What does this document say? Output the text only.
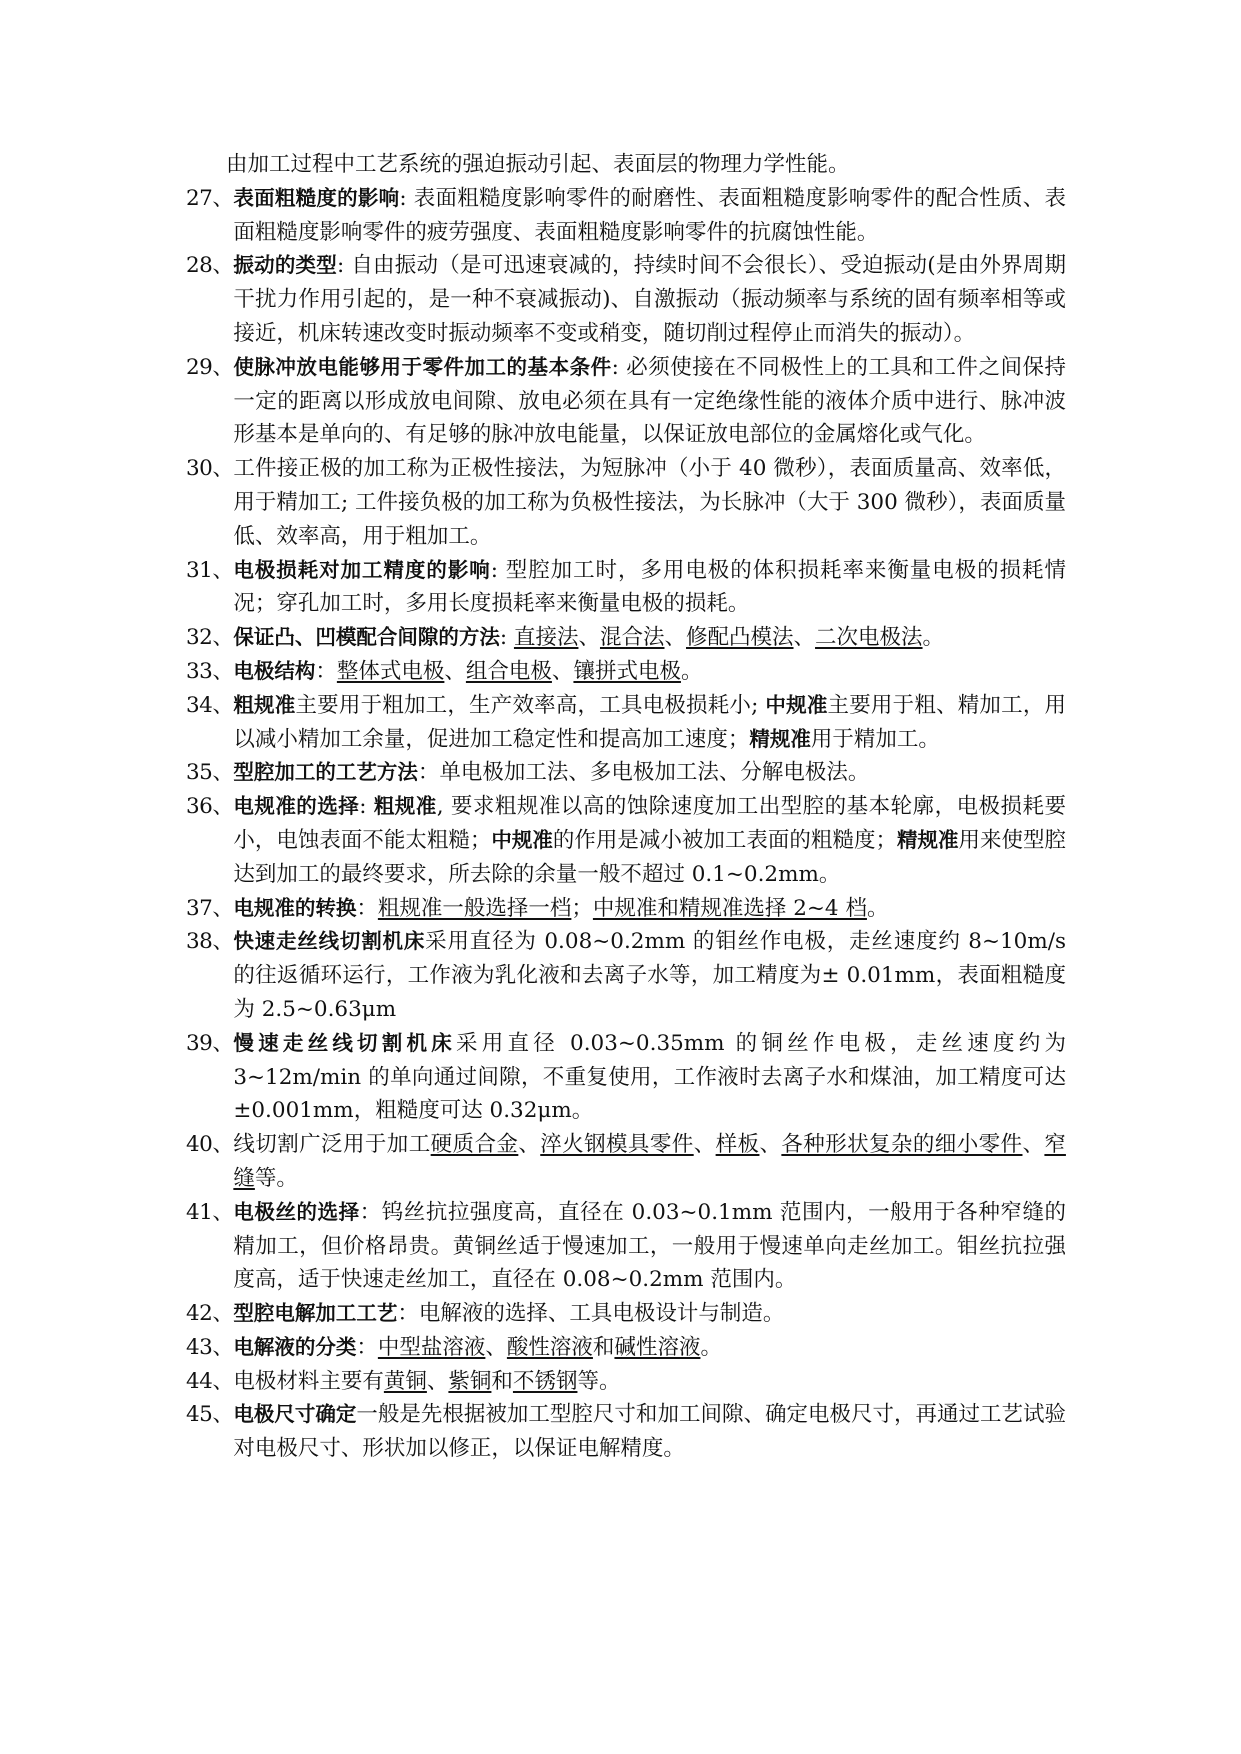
由加工过程中工艺系统的强迫振动引起、表面层的物理力学性能。

27、 表面粗糙度的影响: 表面粗糙度影响零件的耐磨性、表面粗糙度影响零件的配合性质、表面粗糙度影响零件的疲劳强度、表面粗糙度影响零件的抗腐蚀性能。
28、 振动的类型: 自由振动（是可迅速衰减的，持续时间不会很长）、受迫振动(是由外界周期干扰力作用引起的，是一种不衰减振动)、自激振动（振动频率与系统的固有频率相等或接近，机床转速改变时振动频率不变或稍变，随切削过程停止而消失的振动）。
29、 使脉冲放电能够用于零件加工的基本条件: 必须使接在不同极性上的工具和工件之间保持一定的距离以形成放电间隙、放电必须在具有一定绝缘性能的液体介质中进行、脉冲波形基本是单向的、有足够的脉冲放电能量，以保证放电部位的金属熔化或气化。
30、 工件接正极的加工称为正极性接法，为短脉冲（小于 40 微秒），表面质量高、效率低，用于精加工; 工件接负极的加工称为负极性接法，为长脉冲（大于 300 微秒），表面质量低、效率高，用于粗加工。
31、 电极损耗对加工精度的影响: 型腔加工时，多用电极的体积损耗率来衡量电极的损耗情况；穿孔加工时，多用长度损耗率来衡量电极的损耗。
32、 保证凸、凹模配合间隙的方法: 直接法、混合法、修配凸模法、二次电极法。
33、 电极结构：整体式电极、组合电极、镶拼式电极。
34、 粗规准主要用于粗加工，生产效率高，工具电极损耗小; 中规准主要用于粗、精加工，用以减小精加工余量，促进加工稳定性和提高加工速度；精规准用于精加工。
35、 型腔加工的工艺方法：单电极加工法、多电极加工法、分解电极法。
36、 电规准的选择: 粗规准, 要求粗规准以高的蚀除速度加工出型腔的基本轮廓，电极损耗要小，电蚀表面不能太粗糙；中规准的作用是减小被加工表面的粗糙度；精规准用来使型腔达到加工的最终要求，所去除的余量一般不超过 0.1~0.2mm。
37、 电规准的转换：粗规准一般选择一档；中规准和精规准选择 2~4 档。
38、 快速走丝线切割机床采用直径为 0.08~0.2mm 的钼丝作电极，走丝速度约 8~10m/s 的往返循环运行，工作液为乳化液和去离子水等，加工精度为± 0.01mm，表面粗糙度为 2.5~0.63μm
39、 慢速走丝线切割机床采用直径 0.03~0.35mm 的铜丝作电极，走丝速度约为 3~12m/min 的单向通过间隙，不重复使用，工作液时去离子水和煤油，加工精度可达±0.001mm，粗糙度可达 0.32μm。
40、 线切割广泛用于加工硬质合金、淬火钢模具零件、样板、各种形状复杂的细小零件、窄缝等。
41、 电极丝的选择：钨丝抗拉强度高，直径在 0.03~0.1mm 范围内，一般用于各种窄缝的精加工，但价格昂贵。黄铜丝适于慢速加工，一般用于慢速单向走丝加工。钼丝抗拉强度高，适于快速走丝加工，直径在 0.08~0.2mm 范围内。
42、 型腔电解加工工艺：电解液的选择、工具电极设计与制造。
43、 电解液的分类：中型盐溶液、酸性溶液和碱性溶液。
44、 电极材料主要有黄铜、紫铜和不锈钢等。
45、 电极尺寸确定一般是先根据被加工型腔尺寸和加工间隙、确定电极尺寸，再通过工艺试验对电极尺寸、形状加以修正，以保证电解精度。
